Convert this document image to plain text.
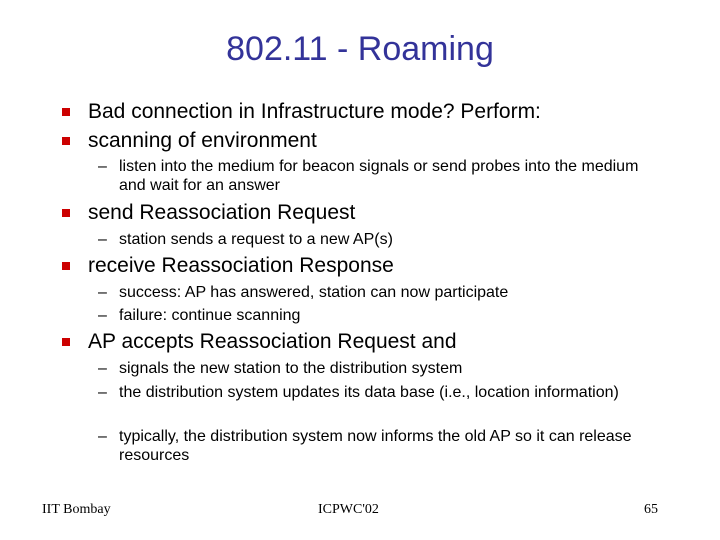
802.11 - Roaming
Bad connection in Infrastructure mode? Perform:
scanning of environment
– listen into the medium for beacon signals or send probes into the medium and wait for an answer
send Reassociation Request
– station sends a request to a new AP(s)
receive Reassociation Response
– success: AP has answered, station can now participate
– failure: continue scanning
AP accepts Reassociation Request and
– signals the new station to the distribution system
– the distribution system updates its data base (i.e., location information)
– typically, the distribution system now informs the old AP so it can release resources
IIT Bombay	ICPWC'02	65
